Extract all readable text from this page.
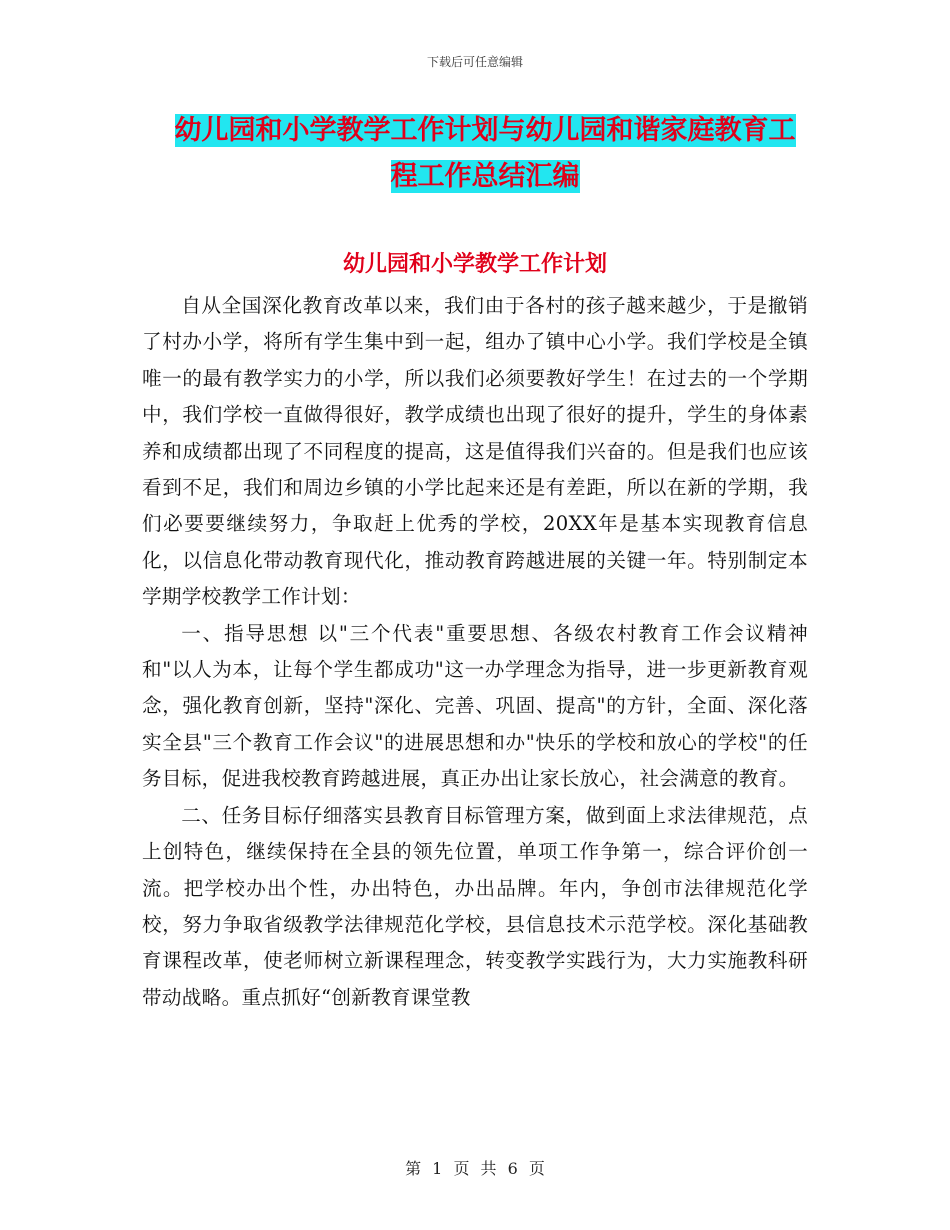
下载后可任意编辑
幼儿园和小学教学工作计划与幼儿园和谐家庭教育工
程工作总结汇编
幼儿园和小学教学工作计划

自从全国深化教育改革以来，我们由于各村的孩子越来越少，于是撤销了村办小学，将所有学生集中到一起，组办了镇中心小学。我们学校是全镇唯一的最有教学实力的小学，所以我们必须要教好学生！在过去的一个学期中，我们学校一直做得很好，教学成绩也出现了很好的提升，学生的身体素养和成绩都出现了不同程度的提高，这是值得我们兴奋的。但是我们也应该看到不足，我们和周边乡镇的小学比起来还是有差距，所以在新的学期，我们必要要继续努力，争取赶上优秀的学校，20XX年是基本实现教育信息化，以信息化带动教育现代化，推动教育跨越进展的关键一年。特别制定本学期学校教学工作计划：

一、指导思想 以"三个代表"重要思想、各级农村教育工作会议精神和"以人为本，让每个学生都成功"这一办学理念为指导，进一步更新教育观念，强化教育创新，坚持"深化、完善、巩固、提高"的方针，全面、深化落实全县"三个教育工作会议"的进展思想和办"快乐的学校和放心的学校"的任务目标，促进我校教育跨越进展，真正办出让家长放心，社会满意的教育。

二、任务目标仔细落实县教育目标管理方案，做到面上求法律规范，点上创特色，继续保持在全县的领先位置，单项工作争第一，综合评价创一流。把学校办出个性，办出特色，办出品牌。年内，争创市法律规范化学校，努力争取省级教学法律规范化学校，县信息技术示范学校。深化基础教育课程改革，使老师树立新课程理念，转变教学实践行为，大力实施教科研带动战略。重点抓好“创新教育课堂教

第 1 页 共 6 页
